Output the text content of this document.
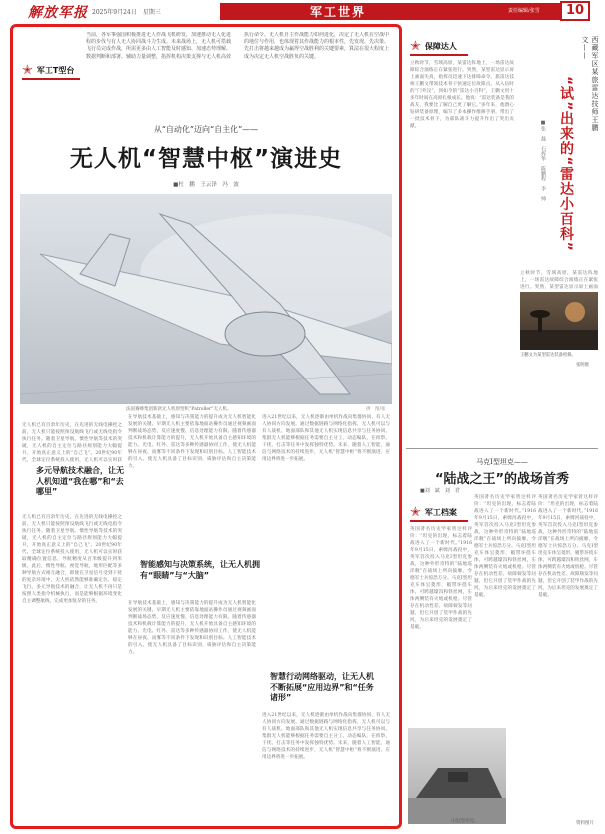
解放军报 2025年9月24日　星期三	军工世界	责任编辑/张雪	10
✭ 军工T型台
当前，各军事强国积极推进无人作战飞机研发，加速推动无人化进程的步伐与有人无人协同战斗力生成。未来战场上，无人机可搭载飞行员完成作战，所需更多由人工智能及时感知、加速态势理解、数据判断和部署、辅助力量调整，指挥机构决策支撑与无人机高效执行命令。无人机自主作战能力如何进化，决定了无人机在空战中的地位与作用，也体现着其作战能力的根本性，先发现、先决策、先打击将越来越成为赢得空战胜利的关键要素，算法在很大程度上成为决定无人机空战胜负的关键。
从“自动化”迈向“自主化”——
无人机“智慧中枢”演进史
■杜　鹏　王云泽　冯　波
法国赛峰集团新款无人机原型机“Patroller”无人机。	供　图/张
多元导航技术融合，让无人机知道“我在哪”和“去哪里”
智能感知与决策系统，让无人机拥有“眼睛”与“大脑”
智慧行动网络驱动，让无人机不断拓展“应用边界”和“任务诸形”
无人机已有百余年历史，在先进的无线电操控之前，无人机只能按照预设航线飞行或无线电指令执行任务。随着卫星导航、惯性导航等技术的突破，无人机的自主定位与路径规划能力大幅提升，开始真正意义上的“自己飞”。20世纪90年代，全球定位系统投入使用，无人机可以实时获
无人机已有百余年历史，在先进的无线电操控之前，无人机只能按照预设航线飞行或无线电指令执行任务。随着卫星导航、惯性导航等技术的突破，无人机的自主定位与路径规划能力大幅提升，开始真正意义上的“自己飞”。20世纪90年代，全球定位系统投入使用，无人机可以实时获取精确位置信息，导航精度从百米级提升到米级。此后，惯性导航、视觉导航、地形匹配等多种导航方式相互融合，即使在卫星信号受到干扰的复杂环境中，无人机依然能够准确定位、稳定飞行。多元导航技术的融合，让无人机不再只是按照人类指令机械执行，而是能够根据环境变化自主调整航线，完成更加复杂的任务。
在导航技术基础上，感知与决策能力的提升成为无人机智能化发展的关键。早期无人机主要依靠地面站操作员通过视频画面判断战场态势，反应速度慢、信息处理能力有限。随着传感器技术和机载计算能力的提升，无人机开始具备自主感知环境的能力。光电、红外、雷达等多种传感器协同工作，使无人机能够在昼夜、雨雾等不同条件下发现和识别目标。人工智能技术的引入，使无人机具备了目标识别、威胁评估和自主决策能力。
在导航技术基础上，感知与决策能力的提升成为无人机智能化发展的关键。早期无人机主要依靠地面站操作员通过视频画面判断战场态势，反应速度慢、信息处理能力有限。随着传感器技术和机载计算能力的提升，无人机开始具备自主感知环境的能力。光电、红外、雷达等多种传感器协同工作，使无人机能够在昼夜、雨雾等不同条件下发现和识别目标。人工智能技术的引入，使无人机具备了目标识别、威胁评估和自主决策能力。
进入21世纪以来，无人机逐渐由单机作战向集群协同、有人无人协同方向发展。通过数据链路与网络化指挥，无人机可以与有人战机、地面部队和其他无人机实现信息共享与任务协同。集群无人机能够根据任务需要自主分工、动态编队，在侦察、干扰、打击等任务中发挥独特优势。未来，随着人工智能、通信与网络技术的持续进步，无人机“智慧中枢”将不断演进，应用边界将进一步拓展。
进入21世纪以来，无人机逐渐由单机作战向集群协同、有人无人协同方向发展。通过数据链路与网络化指挥，无人机可以与有人战机、地面部队和其他无人机实现信息共享与任务协同。集群无人机能够根据任务需要自主分工、动态编队，在侦察、干扰、打击等任务中发挥独特优势。未来，随着人工智能、通信与网络技术的持续进步，无人机“智慧中枢”将不断演进，应用边界将进一步拓展。
✭ 保障达人	西藏军区某旅雷达技师王鹏文——
“试”出来的“雷达小百科”
■张　磊　石挥华　陈鹏程　李　帅
立秋时节，雪域高原，某雷达阵地上，一场雷达故障综合演练正在紧张进行。突然，某型雷达显示屏上画面失真，指挥员迅速下达排障命令。旅雷达技师王鹏文带领技术骨干快速定位故障点。从入伍时的“门外汉”，到如今的“雷达小百科”，王鹏文用十多年时间在高原扎根成长。他说：“雷达装备是我的战友，我要比了解自己更了解它。”多年来，他潜心钻研装备原理，编写了多本操作维修手册，带出了一批技术骨干，为部队战斗力提升作出了突出贡献。
立秋时节，雪域高原，某雷达阵地上，一场雷达故障综合演练正在紧张进行。突然，某型雷达显示屏上画面
王鹏文为某型雷达装备检修。
张明摄
马克Ⅰ型坦克——
“陆战之王”的战场首秀
■刘　斌　刘　君
✭ 军工档案
英国著名历史学家曾这样评价：“坦克的出现，标志着陆战进入了一个新时代。”1916年9月15日，索姆河战役中，英军首次投入马克Ⅰ型坦克参战，这种外形奇特的“陆地巡洋舰”在战场上所向披靡，令德军士兵惊恐万分。马克Ⅰ型坦克车体呈菱形，履带环绕车体，可跨越壕沟和铁丝网，车体两侧装有火炮或机枪。尽管存在机动性差、故障频发等问题，但它开创了装甲作战的先河，为后来坦克的发展奠定了基础。
英国著名历史学家曾这样评价：“坦克的出现，标志着陆战进入了一个新时代。”1916年9月15日，索姆河战役中，英军首次投入马克Ⅰ型坦克参战，这种外形奇特的“陆地巡洋舰”在战场上所向披靡，令德军士兵惊恐万分。马克Ⅰ型坦克车体呈菱形，履带环绕车体，可跨越壕沟和铁丝网，车体两侧装有火炮或机枪。尽管存在机动性差、故障频发等问题，但它开创了装甲作战的先河，为后来坦克的发展奠定了基础。
英国著名历史学家曾这样评价：“坦克的出现，标志着陆战进入了一个新时代。”1916年9月15日，索姆河战役中，英军首次投入马克Ⅰ型坦克参战，这种外形奇特的“陆地巡洋舰”在战场上所向披靡，令德军士兵惊恐万分。马克Ⅰ型坦克车体呈菱形，履带环绕车体，可跨越壕沟和铁丝网，车体两侧装有火炮或机枪。尽管存在机动性差、故障频发等问题，但它开创了装甲作战的先河，为后来坦克的发展奠定了基础。
马克Ⅰ型坦克。	资料图片
